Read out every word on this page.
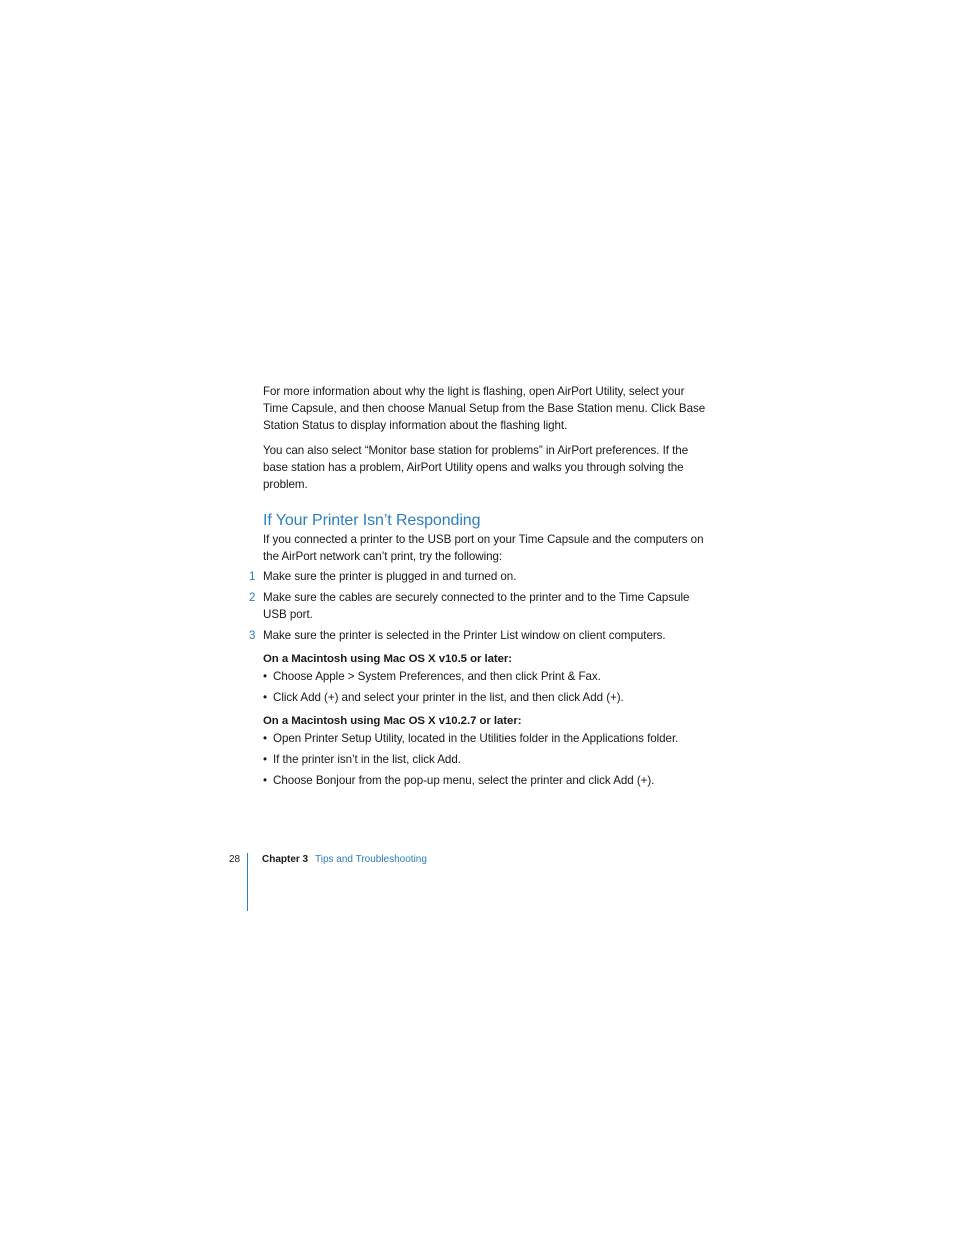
For more information about why the light is flashing, open AirPort Utility, select your Time Capsule, and then choose Manual Setup from the Base Station menu. Click Base Station Status to display information about the flashing light.

You can also select “Monitor base station for problems” in AirPort preferences. If the base station has a problem, AirPort Utility opens and walks you through solving the problem.

If Your Printer Isn’t Responding

If you connected a printer to the USB port on your Time Capsule and the computers on the AirPort network can’t print, try the following:

1 Make sure the printer is plugged in and turned on.
2 Make sure the cables are securely connected to the printer and to the Time Capsule USB port.
3 Make sure the printer is selected in the Printer List window on client computers.

On a Macintosh using Mac OS X v10.5 or later:

• Choose Apple > System Preferences, and then click Print & Fax.
• Click Add (+) and select your printer in the list, and then click Add (+).

On a Macintosh using Mac OS X v10.2.7 or later:

• Open Printer Setup Utility, located in the Utilities folder in the Applications folder.
• If the printer isn’t in the list, click Add.
• Choose Bonjour from the pop-up menu, select the printer and click Add (+).
28 Chapter 3 Tips and Troubleshooting
